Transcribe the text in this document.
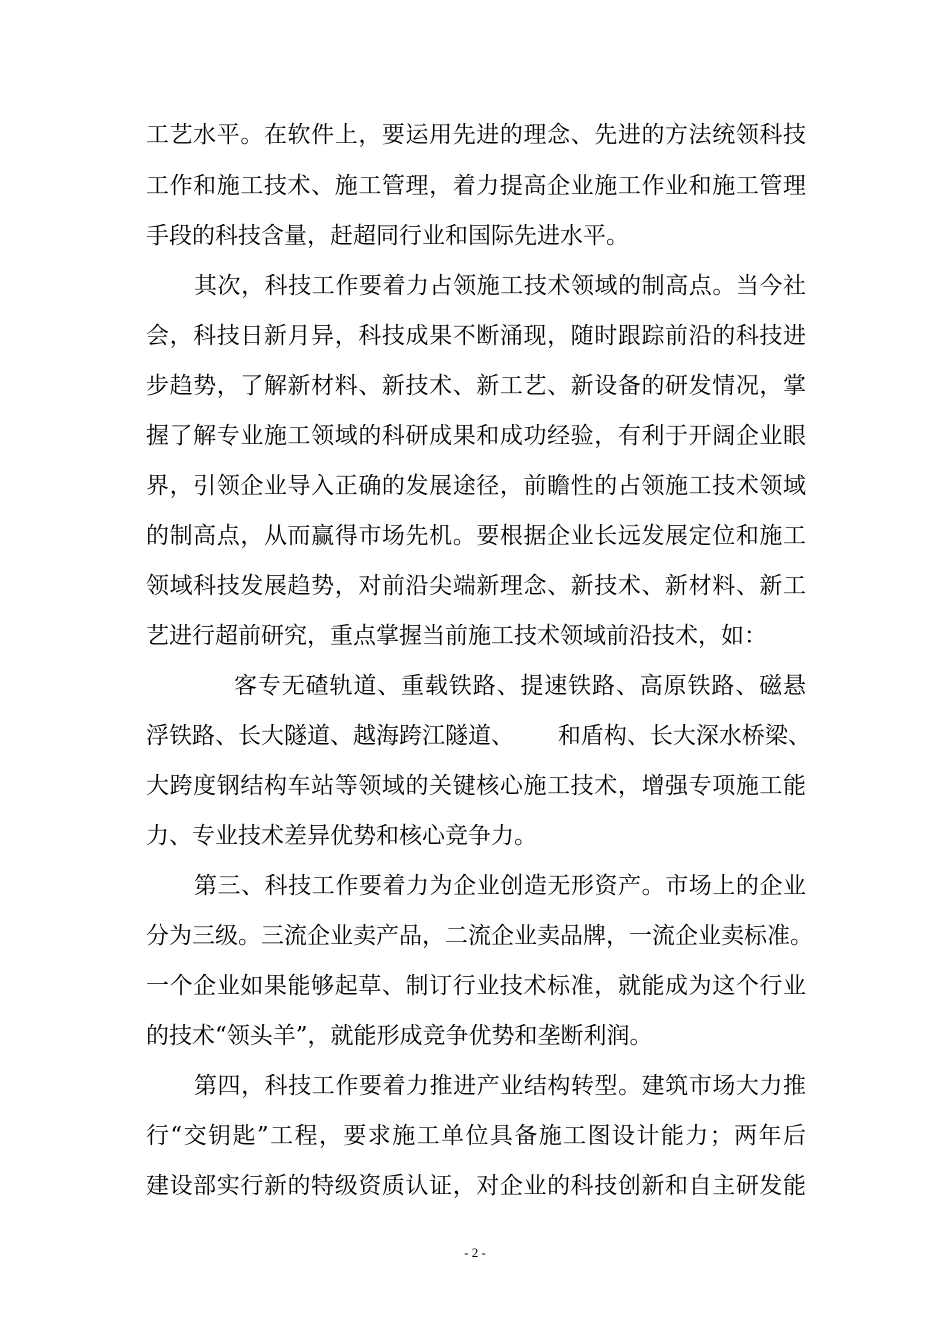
工艺水平。在软件上，要运用先进的理念、先进的方法统领科技
工作和施工技术、施工管理，着力提高企业施工作业和施工管理
手段的科技含量，赶超同行业和国际先进水平。
其次，科技工作要着力占领施工技术领域的制高点。当今社
会，科技日新月异，科技成果不断涌现，随时跟踪前沿的科技进
步趋势，了解新材料、新技术、新工艺、新设备的研发情况，掌
握了解专业施工领域的科研成果和成功经验，有利于开阔企业眼
界，引领企业导入正确的发展途径，前瞻性的占领施工技术领域
的制高点，从而赢得市场先机。要根据企业长远发展定位和施工
领域科技发展趋势，对前沿尖端新理念、新技术、新材料、新工
艺进行超前研究，重点掌握当前施工技术领域前沿技术，如：
客专无碴轨道、重载铁路、提速铁路、高原铁路、磁悬
浮铁路、长大隧道、越海跨江隧道、      和盾构、长大深水桥梁、
大跨度钢结构车站等领域的关键核心施工技术，增强专项施工能
力、专业技术差异优势和核心竞争力。
第三、科技工作要着力为企业创造无形资产。市场上的企业
分为三级。三流企业卖产品，二流企业卖品牌，一流企业卖标准。
一个企业如果能够起草、制订行业技术标准，就能成为这个行业
的技术“领头羊”，就能形成竞争优势和垄断利润。
第四，科技工作要着力推进产业结构转型。建筑市场大力推
行“交钥匙”工程，要求施工单位具备施工图设计能力；两年后
建设部实行新的特级资质认证，对企业的科技创新和自主研发能
- 2 -
